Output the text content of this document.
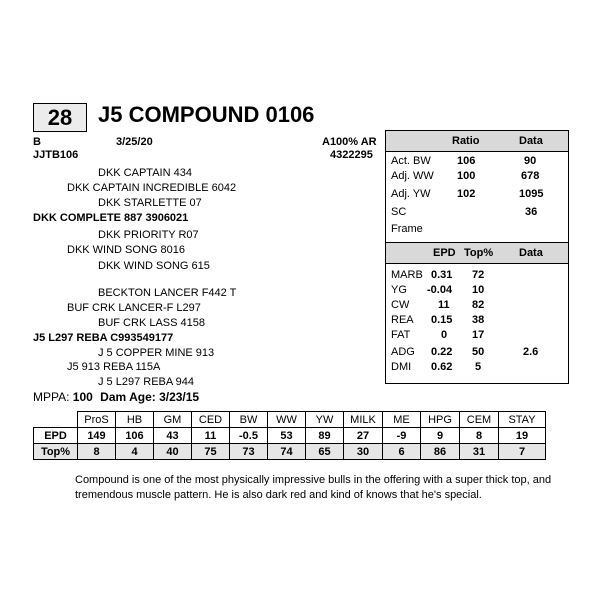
28	J5 COMPOUND 0106
B	3/25/20
JJTB106
A100% AR
4322295
DKK CAPTAIN 434
DKK CAPTAIN INCREDIBLE 6042
DKK STARLETTE 07
DKK COMPLETE 887 3906021
DKK PRIORITY R07
DKK WIND SONG 8016
DKK WIND SONG 615
BECKTON LANCER F442 T
BUF CRK LANCER-F L297
BUF CRK LASS 4158
J5 L297 REBA C993549177
J 5 COPPER MINE 913
J5 913 REBA 115A
J 5 L297 REBA 944
MPPA: 100 Dam Age: 3/23/15
Ratio	Data
Act. BW 106	90
Adj. WW 100	678
Adj. YW 102	1095
SC	36
Frame
EPD Top% Data
MARB 0.31 72
YG -0.04 10
CW	11 82
REA 0.15 38
FAT	0 17
ADG 0.22 50	2.6
DMI 0.62 5
	ProS	HB	GM	CED	BW	WW	YW	MILK	ME	HPG	CEM	STAY
EPD	149	106	43	11	-0.5	53	89	27	-9	9	8	19
Top%	8	4	40	75	73	74	65	30	6	86	31	7
Compound is one of the most physically impressive bulls in the offering with a super thick top, and tremendous muscle pattern. He is also dark red and kind of knows that he's special.
